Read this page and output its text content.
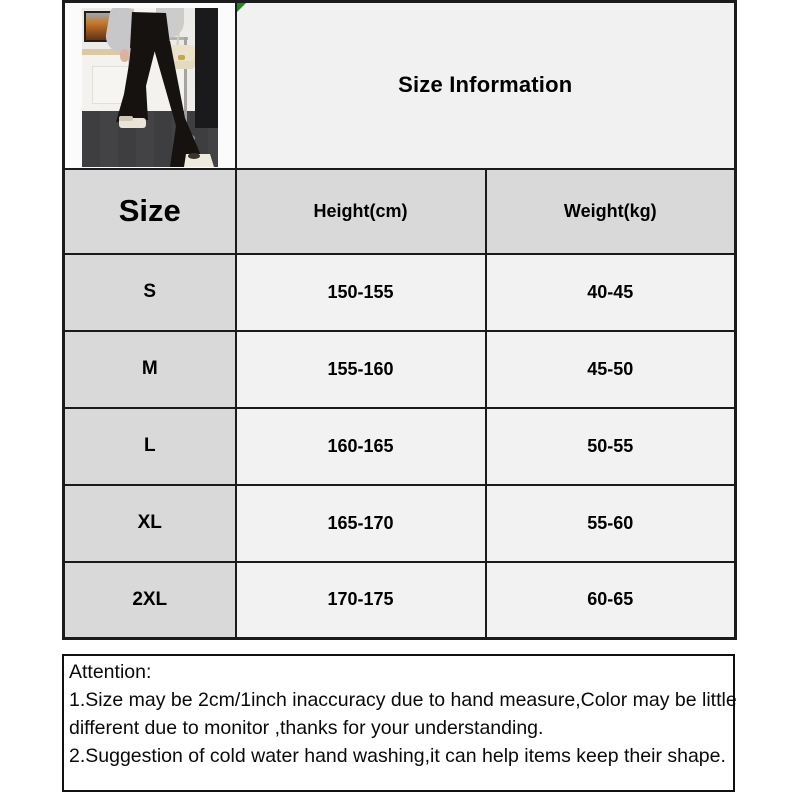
Size Information	
Size	Height(cm)	Weight(kg)
S	150-155	40-45
M	155-160	45-50
L	160-165	50-55
XL	165-170	55-60
2XL	170-175	60-65
Attention:
1.Size may be 2cm/1inch inaccuracy due to hand measure,Color may be little
different due to monitor ,thanks for your understanding.
2.Suggestion of cold water hand washing,it can help items keep their shape.
